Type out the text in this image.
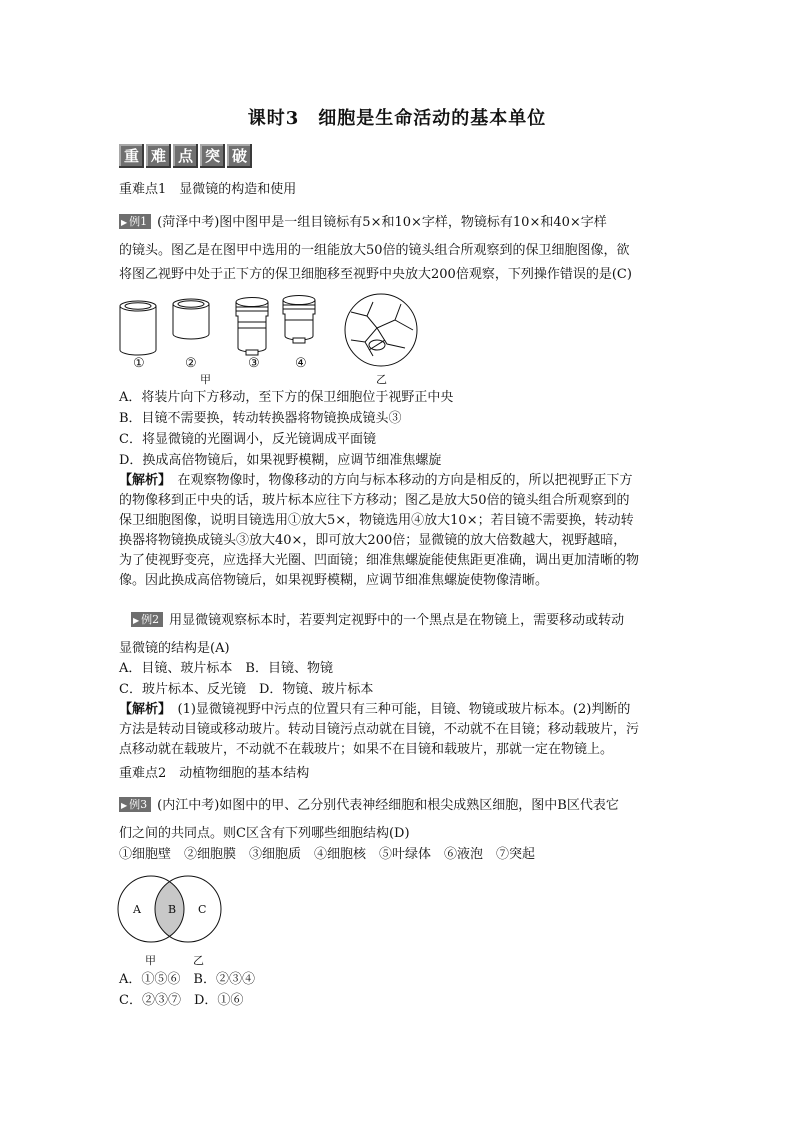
课时3　细胞是生命活动的基本单位
重 难 点 突 破
重难点1　显微镜的构造和使用
▶ 例1 (菏泽中考)图中图甲是一组目镜标有5×和10×字样，物镜标有10×和40×字样
的镜头。图乙是在图甲中选用的一组能放大50倍的镜头组合所观察到的保卫细胞图像，欲
将图乙视野中处于正下方的保卫细胞移至视野中央放大200倍观察，下列操作错误的是(C)
①	②	③	④
甲	乙
A．将装片向下方移动，至下方的保卫细胞位于视野正中央
B．目镜不需要换，转动转换器将物镜换成镜头③
C．将显微镜的光圈调小，反光镜调成平面镜
D．换成高倍物镜后，如果视野模糊，应调节细准焦螺旋
【解析】　在观察物像时，物像移动的方向与标本移动的方向是相反的，所以把视野正下方
的物像移到正中央的话，玻片标本应往下方移动；图乙是放大50倍的镜头组合所观察到的
保卫细胞图像，说明目镜选用①放大5×，物镜选用④放大10×；若目镜不需要换，转动转
换器将物镜换成镜头③放大40×，即可放大200倍；显微镜的放大倍数越大，视野越暗，
为了使视野变亮，应选择大光圈、凹面镜；细准焦螺旋能使焦距更准确，调出更加清晰的物
像。因此换成高倍物镜后，如果视野模糊，应调节细准焦螺旋使物像清晰。
▶ 例2 用显微镜观察标本时，若要判定视野中的一个黑点是在物镜上，需要移动或转动
显微镜的结构是(A)
A．目镜、玻片标本　B．目镜、物镜
C．玻片标本、反光镜　D．物镜、玻片标本
【解析】　(1)显微镜视野中污点的位置只有三种可能，目镜、物镜或玻片标本。(2)判断的
方法是转动目镜或移动玻片。转动目镜污点动就在目镜，不动就不在目镜；移动载玻片，污
点移动就在载玻片，不动就不在载玻片；如果不在目镜和载玻片，那就一定在物镜上。
重难点2　动植物细胞的基本结构
▶ 例3 (内江中考)如图中的甲、乙分别代表神经细胞和根尖成熟区细胞，图中B区代表它
们之间的共同点。则C区含有下列哪些细胞结构(D)
①细胞壁　②细胞膜　③细胞质　④细胞核　⑤叶绿体　⑥液泡　⑦突起
A B C
甲	乙
A．①⑤⑥　B．②③④
C．②③⑦　D．①⑥
